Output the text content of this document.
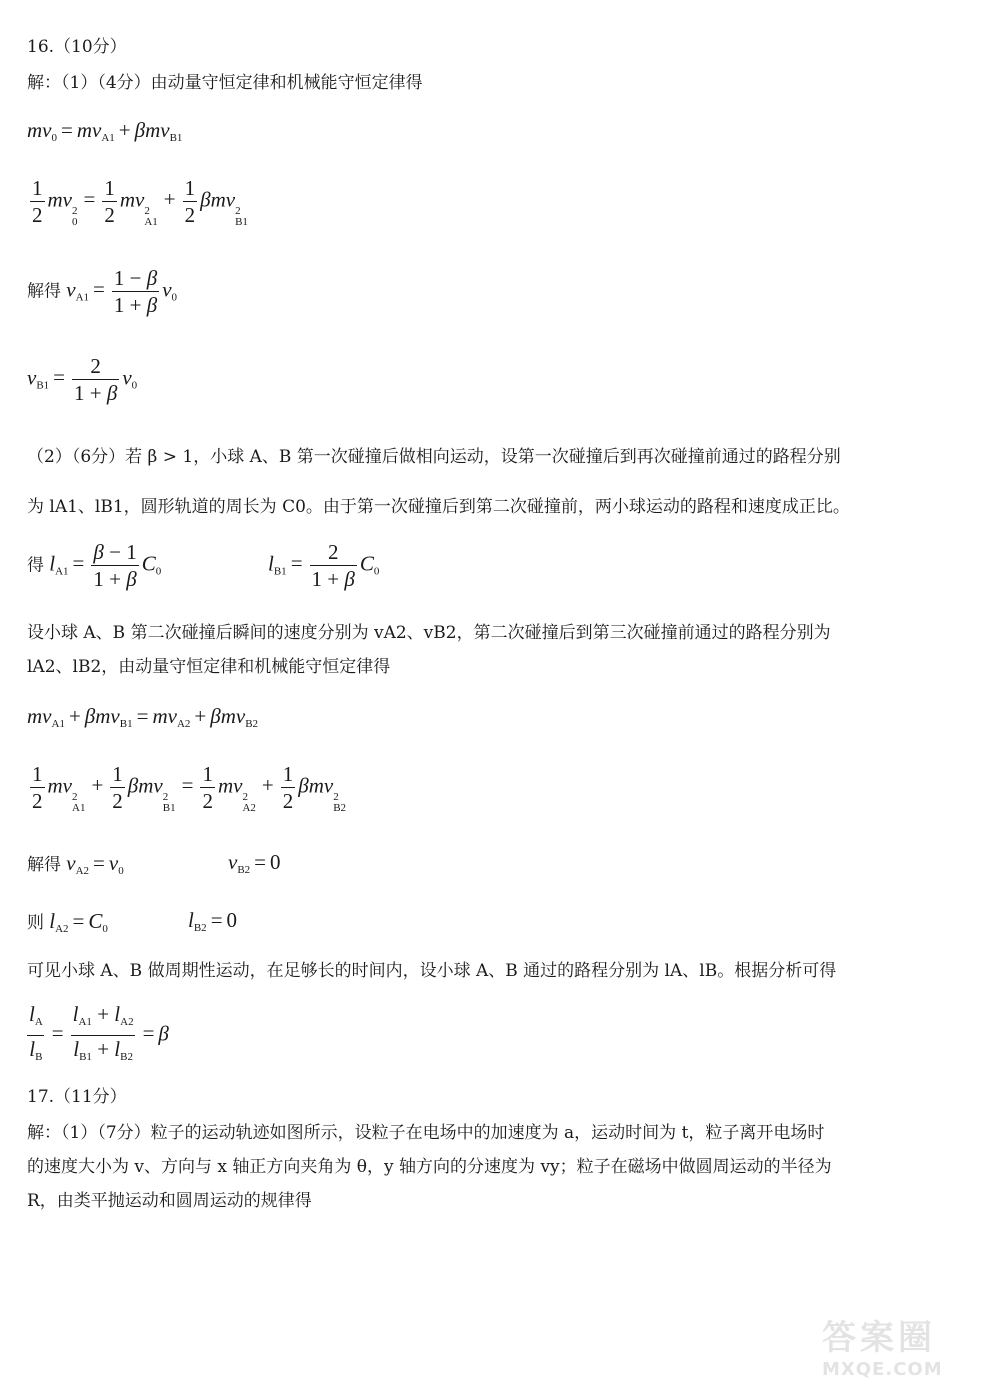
16.（10分）
解：（1）（4分）由动量守恒定律和机械能守恒定律得
$mv_0 = mv_{A1} + \beta mv_{B1}$
$\frac{1}{2}$ mv 2
0
= $\frac{1}{2}$ mv 2
A1
+ $\frac{1}{2}$ βmv 2
B1
解得 $v_{A1} = \frac{1 - \beta}{1 + \beta} v_0$
$v_{B1} = \frac{2}{1 + \beta} v_0$
（2）（6分）若 β > 1，小球 A、B 第一次碰撞后做相向运动，设第一次碰撞后到再次碰撞前通过的路程分别
为 lA1、lB1，圆形轨道的周长为 C0。由于第一次碰撞后到第二次碰撞前，两小球运动的路程和速度成正比。
得 $l_{A1} = \frac{\beta - 1}{1 + \beta} C_0$	$l_{B1} = \frac{2}{1 + \beta} C_0$
设小球 A、B 第二次碰撞后瞬间的速度分别为 vA2、vB2，第二次碰撞后到第三次碰撞前通过的路程分别为
lA2、lB2，由动量守恒定律和机械能守恒定律得
$mv_{A1} + \beta mv_{B1} = mv_{A2} + \beta mv_{B2}$
$\frac{1}{2}$ mv 2
A1
+ $\frac{1}{2}$ βmv 2
B1
= $\frac{1}{2}$ mv 2
A2
+ $\frac{1}{2}$ βmv 2
B2
解得 $v_{A2} = v_0$	$v_{B2} = 0$
则 $l_{A2} = C_0$	$l_{B2} = 0$
可见小球 A、B 做周期性运动，在足够长的时间内，设小球 A、B 通过的路程分别为 lA、lB。根据分析可得
$\frac{l_A}{l_B} = \frac{l_{A1} + l_{A2}}{l_{B1} + l_{B2}} = \beta$
17.（11分）
解：（1）（7分）粒子的运动轨迹如图所示，设粒子在电场中的加速度为 a，运动时间为 t，粒子离开电场时
的速度大小为 v、方向与 x 轴正方向夹角为 θ，y 轴方向的分速度为 vy；粒子在磁场中做圆周运动的半径为
R，由类平抛运动和圆周运动的规律得
答案圈
MXQE.COM
